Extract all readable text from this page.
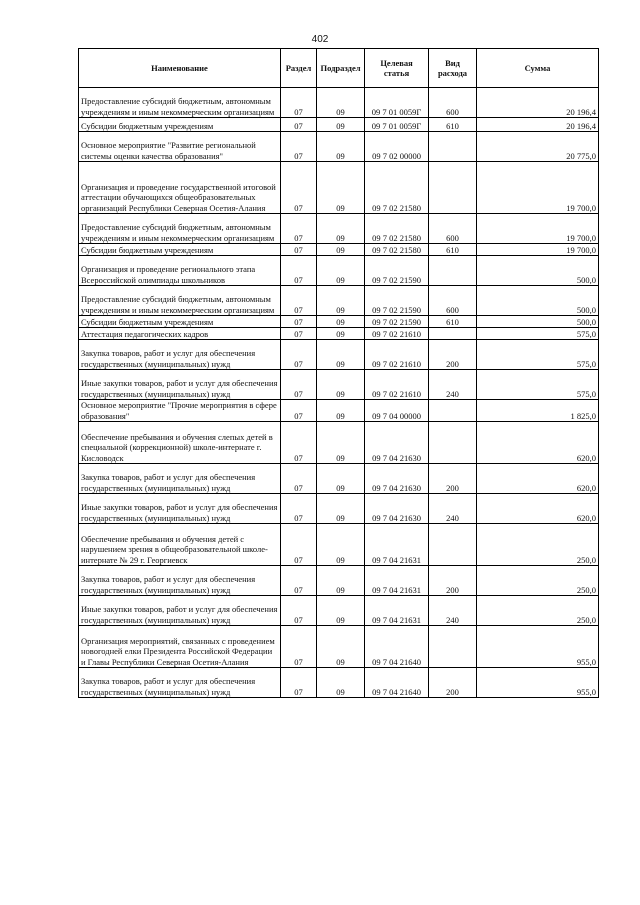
402
Наименование	Раздел	Подраздел	Целевая статья	Вид расхода	Сумма
Предоставление субсидий бюджетным, автономным учреждениям и иным некоммерческим организациям	07	09	09 7 01 0059Г	600	20 196,4
Субсидии бюджетным учреждениям	07	09	09 7 01 0059Г	610	20 196,4
Основное мероприятие "Развитие региональной системы оценки качества образования"	07	09	09 7 02 00000		20 775,0
Организация и проведение государственной итоговой аттестации обучающихся общеобразовательных организаций Республики Северная Осетия-Алания	07	09	09 7 02 21580		19 700,0
Предоставление субсидий бюджетным, автономным учреждениям и иным некоммерческим организациям	07	09	09 7 02 21580	600	19 700,0
Субсидии бюджетным учреждениям	07	09	09 7 02 21580	610	19 700,0
Организация и проведение регионального этапа Всероссийской олимпиады школьников	07	09	09 7 02 21590		500,0
Предоставление субсидий бюджетным, автономным учреждениям и иным некоммерческим организациям	07	09	09 7 02 21590	600	500,0
Субсидии бюджетным учреждениям	07	09	09 7 02 21590	610	500,0
Аттестация педагогических кадров	07	09	09 7 02 21610		575,0
Закупка товаров, работ и услуг для обеспечения государственных (муниципальных) нужд	07	09	09 7 02 21610	200	575,0
Иные закупки товаров, работ и услуг для обеспечения государственных (муниципальных) нужд	07	09	09 7 02 21610	240	575,0
Основное мероприятие "Прочие мероприятия в сфере образования"	07	09	09 7 04 00000		1 825,0
Обеспечение пребывания и обучения слепых детей в специальной (коррекционной) школе-интернате г. Кисловодск	07	09	09 7 04 21630		620,0
Закупка товаров, работ и услуг для обеспечения государственных (муниципальных) нужд	07	09	09 7 04 21630	200	620,0
Иные закупки товаров, работ и услуг для обеспечения государственных (муниципальных) нужд	07	09	09 7 04 21630	240	620,0
Обеспечение пребывания и обучения детей с нарушением зрения в общеобразовательной школе-интернате № 29 г. Георгиевск	07	09	09 7 04 21631		250,0
Закупка товаров, работ и услуг для обеспечения государственных (муниципальных) нужд	07	09	09 7 04 21631	200	250,0
Иные закупки товаров, работ и услуг для обеспечения государственных (муниципальных) нужд	07	09	09 7 04 21631	240	250,0
Организация мероприятий, связанных с проведением новогодней елки Президента Российской Федерации и Главы Республики Северная Осетия-Алания	07	09	09 7 04 21640		955,0
Закупка товаров, работ и услуг для обеспечения государственных (муниципальных) нужд	07	09	09 7 04 21640	200	955,0
